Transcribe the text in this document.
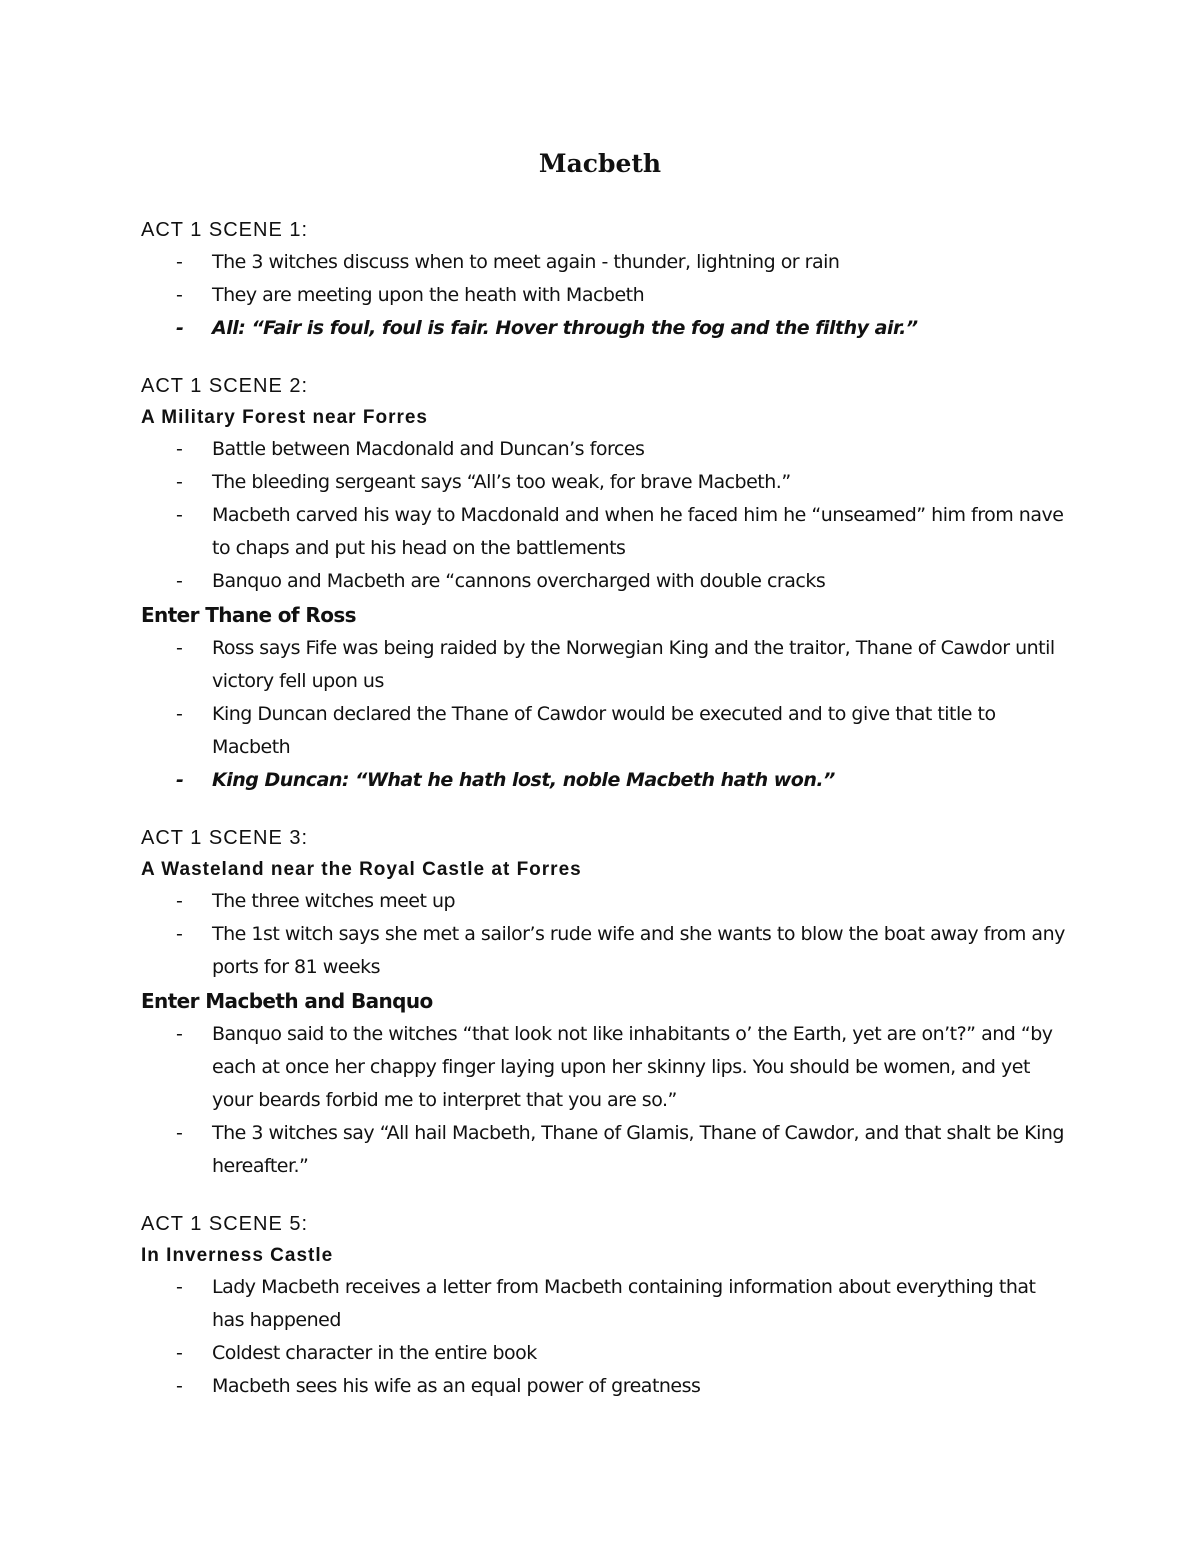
Macbeth

ACT 1 SCENE 1:

- The 3 witches discuss when to meet again - thunder, lightning or rain
- They are meeting upon the heath with Macbeth
- All: “Fair is foul, foul is fair. Hover through the fog and the filthy air.”

ACT 1 SCENE 2:

A Military Forest near Forres

- Battle between Macdonald and Duncan’s forces
- The bleeding sergeant says “All’s too weak, for brave Macbeth.”
- Macbeth carved his way to Macdonald and when he faced him he “unseamed” him from nave to chaps and put his head on the battlements
- Banquo and Macbeth are “cannons overcharged with double cracks

Enter Thane of Ross

- Ross says Fife was being raided by the Norwegian King and the traitor, Thane of Cawdor until victory fell upon us
- King Duncan declared the Thane of Cawdor would be executed and to give that title to Macbeth
- King Duncan: “What he hath lost, noble Macbeth hath won.”

ACT 1 SCENE 3:

A Wasteland near the Royal Castle at Forres

- The three witches meet up
- The 1st witch says she met a sailor’s rude wife and she wants to blow the boat away from any ports for 81 weeks

Enter Macbeth and Banquo

- Banquo said to the witches “that look not like inhabitants o’ the Earth, yet are on’t?” and “by each at once her chappy finger laying upon her skinny lips. You should be women, and yet your beards forbid me to interpret that you are so.”
- The 3 witches say “All hail Macbeth, Thane of Glamis, Thane of Cawdor, and that shalt be King hereafter.”

ACT 1 SCENE 5:

In Inverness Castle

- Lady Macbeth receives a letter from Macbeth containing information about everything that has happened
- Coldest character in the entire book
- Macbeth sees his wife as an equal power of greatness
